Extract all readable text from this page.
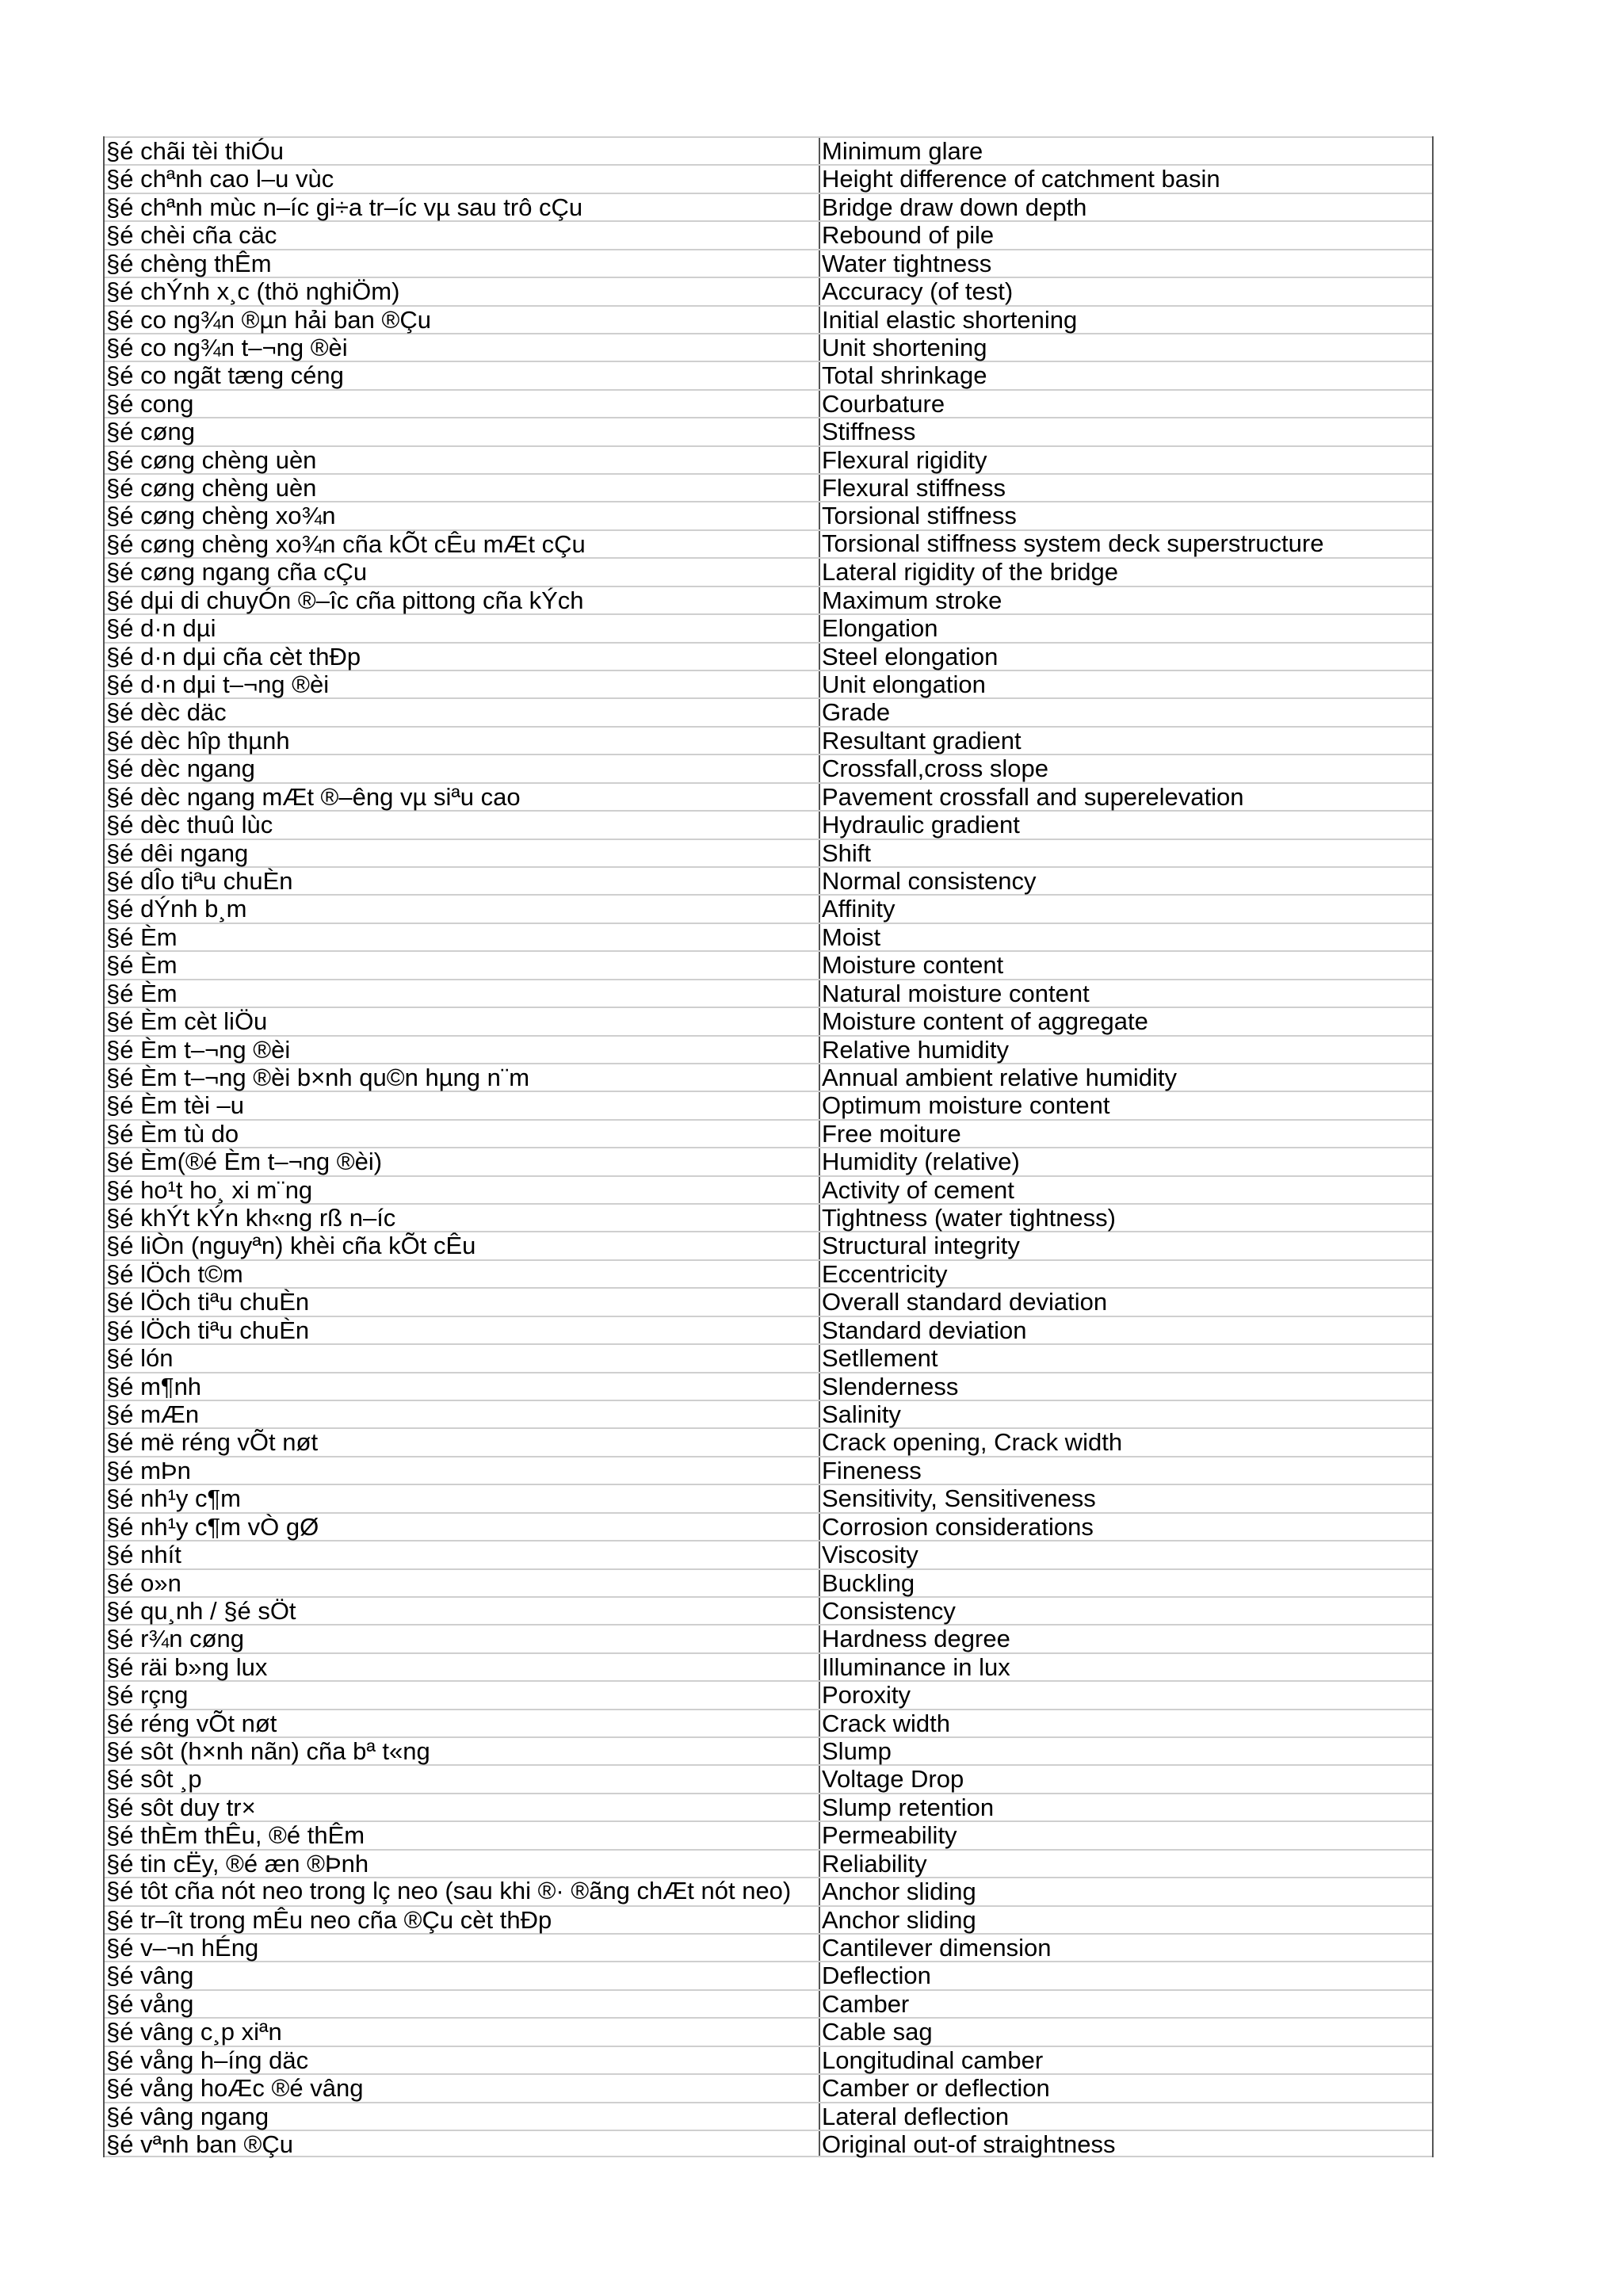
§é chãi tèi thiÓu	Minimum glare
§é chªnh cao l–u vùc	Height difference of catchment basin
§é chªnh mùc n–íc gi÷a tr–íc vµ sau trô cÇu	Bridge draw down depth
§é chèi cña cäc	Rebound of pile
§é chèng thÊm	Water tightness
§é chÝnh x¸c (thö nghiÖm)	Accuracy (of test)
§é co ng¾n ®µn hải ban ®Çu	Initial elastic shortening
§é co ng¾n t–¬ng ®èi	Unit shortening
§é co ngãt tæng céng	Total shrinkage
§é cong	Courbature
§é cøng	Stiffness
§é cøng chèng uèn	Flexural rigidity
§é cøng chèng uèn	Flexural stiffness
§é cøng chèng xo¾n	Torsional stiffness
§é cøng chèng xo¾n cña kÕt cÊu mÆt cÇu	Torsional stiffness system deck superstructure
§é cøng ngang cña cÇu	Lateral rigidity of the bridge
§é dµi di chuyÓn ®–îc cña pittong cña kÝch	Maximum stroke
§é d·n dµi	Elongation
§é d·n dµi cña cèt thÐp	Steel elongation
§é d·n dµi t–¬ng ®èi	Unit elongation
§é dèc däc	Grade
§é dèc hîp thµnh	Resultant gradient
§é dèc ngang	Crossfall,cross slope
§é dèc ngang mÆt ®–êng vµ siªu cao	Pavement crossfall and superelevation
§é dèc thuû lùc	Hydraulic gradient
§é dêi ngang	Shift
§é dÎo tiªu chuÈn	Normal consistency
§é dÝnh b¸m	Affinity
§é Èm	Moist
§é Èm	Moisture content
§é Èm	Natural moisture content
§é Èm cèt liÖu	Moisture content of aggregate
§é Èm t–¬ng ®èi	Relative humidity
§é Èm t–¬ng ®èi b×nh qu©n hµng n¨m	Annual ambient relative humidity
§é Èm tèi –u	Optimum moisture content
§é Èm tù do	Free moiture
§é Èm(®é Èm t–¬ng ®èi)	Humidity (relative)
§é ho¹t ho¸ xi m¨ng	Activity of cement
§é khÝt kÝn kh«ng rß n–íc	Tightness (water tightness)
§é liÒn (nguyªn) khèi cña kÕt cÊu	Structural integrity
§é lÖch t©m	Eccentricity
§é lÖch tiªu chuÈn	Overall standard deviation
§é lÖch tiªu chuÈn	Standard deviation
§é lón	Setllement
§é m¶nh	Slenderness
§é mÆn	Salinity
§é më réng vÕt nøt	Crack opening, Crack width
§é mÞn	Fineness
§é nh¹y c¶m	Sensitivity, Sensitiveness
§é nh¹y c¶m vÒ gØ	Corrosion considerations
§é nhít	Viscosity
§é o»n	Buckling
§é qu¸nh / §é sÖt	Consistency
§é r¾n cøng	Hardness degree
§é räi b»ng lux	Illuminance in lux
§é rçng	Poroxity
§é réng vÕt nøt	Crack width
§é sôt (h×nh nãn) cña bª t«ng	Slump
§é sôt ¸p	Voltage Drop
§é sôt duy tr×	Slump retention
§é thÈm thÊu, ®é thÊm	Permeability
§é tin cËy, ®é æn ®Þnh	Reliability
§é tôt cña nót neo trong lç neo (sau khi ®· ®ãng chÆt nót neo)	Anchor sliding
§é tr–ît trong mÊu neo cña ®Çu cèt thÐp	Anchor sliding
§é v–¬n hÉng	Cantilever dimension
§é vâng	Deflection
§é vång	Camber
§é vâng c¸p xiªn	Cable sag
§é vång h–íng däc	Longitudinal camber
§é vång hoÆc ®é vâng	Camber or deflection
§é vâng ngang	Lateral deflection
§é vªnh ban ®Çu	Original out-of straightness
